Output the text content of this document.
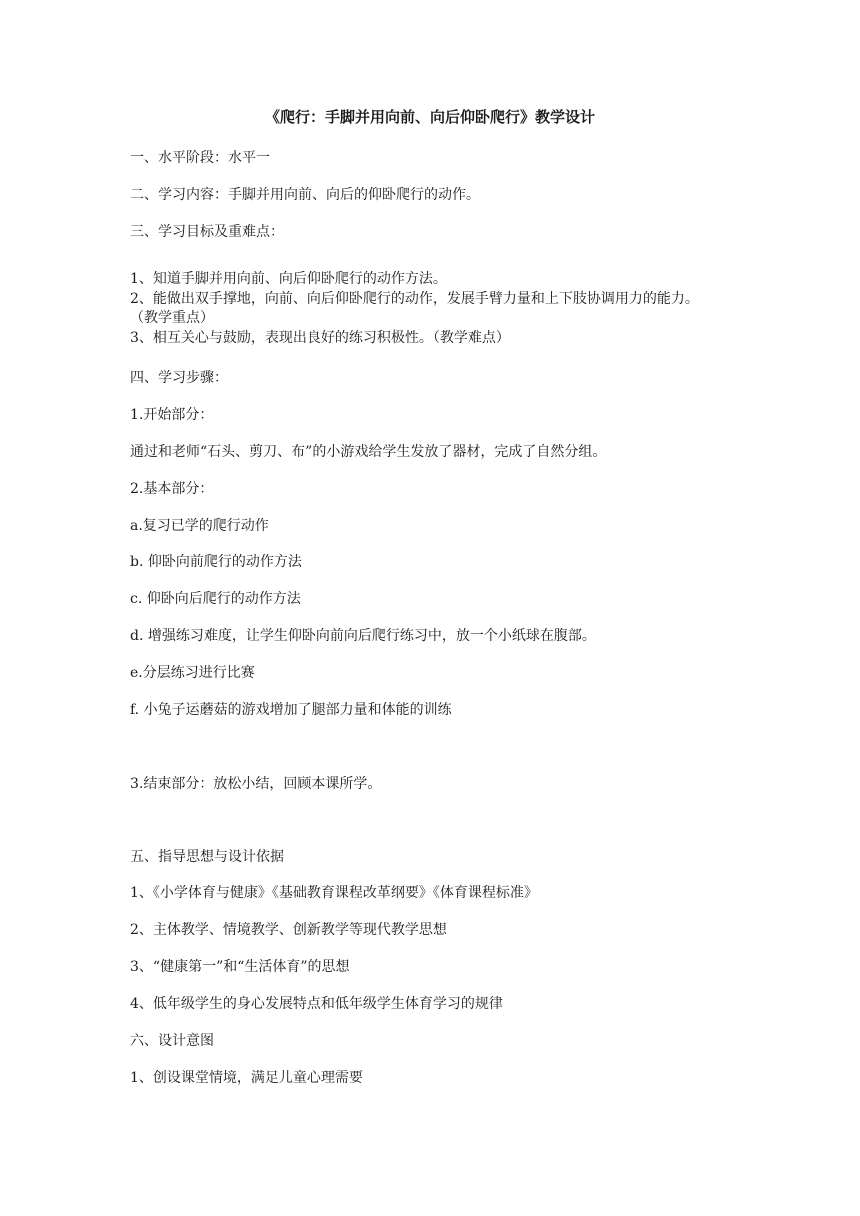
《爬行：手脚并用向前、向后仰卧爬行》教学设计
一、水平阶段：水平一
二、学习内容：手脚并用向前、向后的仰卧爬行的动作。
三、学习目标及重难点：
1、知道手脚并用向前、向后仰卧爬行的动作方法。
2、能做出双手撑地，向前、向后仰卧爬行的动作，发展手臂力量和上下肢协调用力的能力。
（教学重点）
3、相互关心与鼓励，表现出良好的练习积极性。（教学难点）
四、学习步骤：
1.开始部分：
通过和老师“石头、剪刀、布”的小游戏给学生发放了器材，完成了自然分组。
2.基本部分：
a.复习已学的爬行动作
b. 仰卧向前爬行的动作方法
c. 仰卧向后爬行的动作方法
d. 增强练习难度，让学生仰卧向前向后爬行练习中，放一个小纸球在腹部。
e.分层练习进行比赛
f. 小兔子运蘑菇的游戏增加了腿部力量和体能的训练
3.结束部分：放松小结，回顾本课所学。
五、指导思想与设计依据
1、《小学体育与健康》《基础教育课程改革纲要》《体育课程标准》
2、主体教学、情境教学、创新教学等现代教学思想
3、“健康第一”和“生活体育”的思想
4、低年级学生的身心发展特点和低年级学生体育学习的规律
六、设计意图
1、创设课堂情境，满足儿童心理需要
